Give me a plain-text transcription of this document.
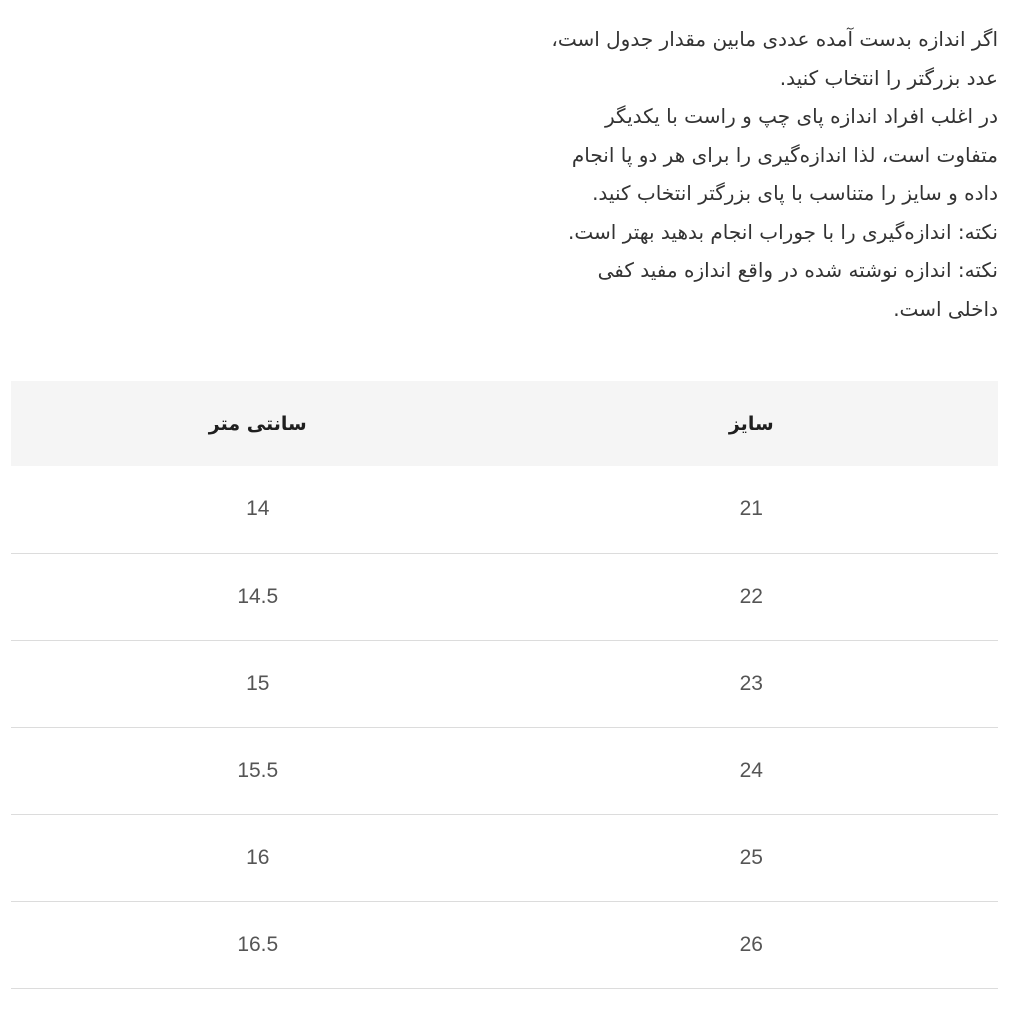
اگر اندازه بدست آمده عددی مابین مقدار جدول است،
عدد بزرگتر را انتخاب کنید.
در اغلب افراد اندازه پای چپ و راست با یکدیگر
متفاوت است، لذا اندازه‌گیری را برای هر دو پا انجام
داده و سایز را متناسب با پای بزرگتر انتخاب کنید.
نکته: اندازه‌گیری را با جوراب انجام بدهید بهتر است.
نکته: اندازه نوشته شده در واقع اندازه مفید کفی
داخلی است.
سایز	سانتی متر
21	14
22	14.5
23	15
24	15.5
25	16
26	16.5
